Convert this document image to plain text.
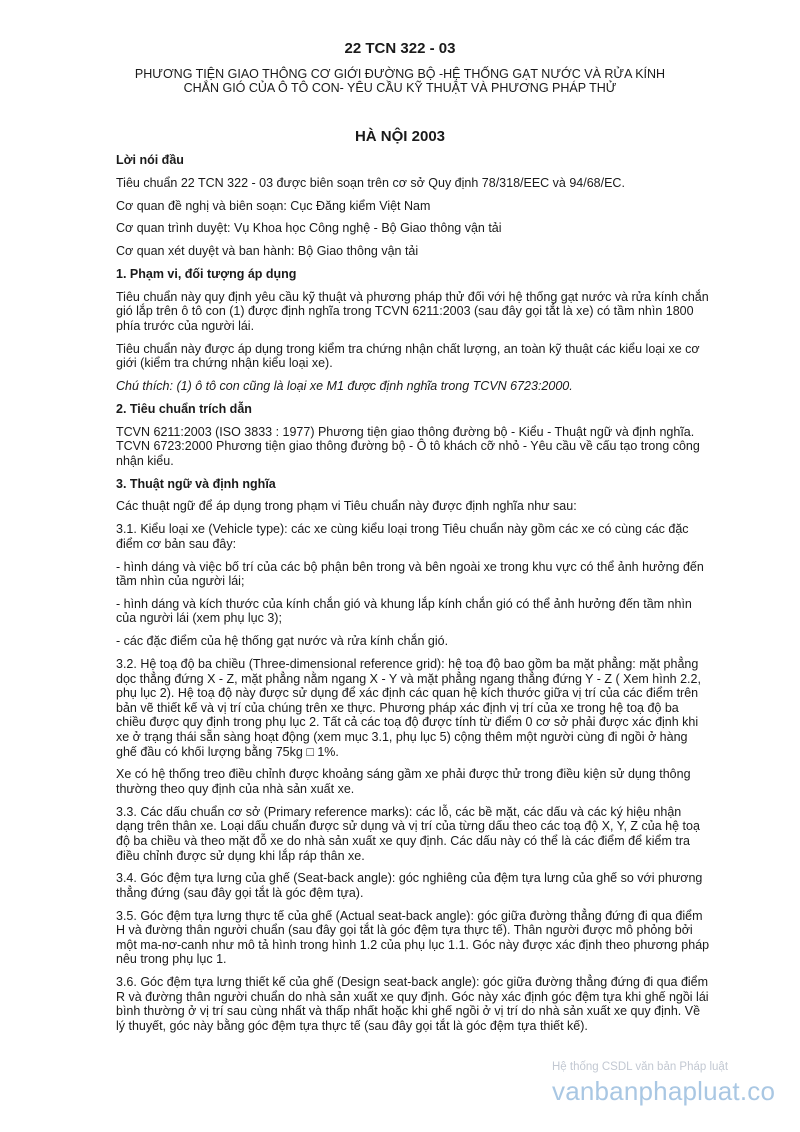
22 TCN 322 - 03
PHƯƠNG TIỆN GIAO THÔNG CƠ GIỚI ĐƯỜNG BỘ -HỆ THỐNG GẠT NƯỚC VÀ RỬA KÍNH
CHẮN GIÓ CỦA Ô TÔ CON- YÊU CẦU KỸ THUẬT VÀ PHƯƠNG PHÁP THỬ
HÀ NỘI 2003

Lời nói đầu

Tiêu chuẩn 22 TCN 322 - 03 được biên soạn trên cơ sở Quy định 78/318/EEC và 94/68/EC.

Cơ quan đề nghị và biên soạn: Cục Đăng kiểm Việt Nam

Cơ quan trình duyệt: Vụ Khoa học Công nghệ - Bộ Giao thông vận tải

Cơ quan xét duyệt và ban hành: Bộ Giao thông vận tải

1. Phạm vi, đối tượng áp dụng

Tiêu chuẩn này quy định yêu cầu kỹ thuật và phương pháp thử đối với hệ thống gạt nước và rửa kính chắn gió lắp trên ô tô con (1) được định nghĩa trong TCVN 6211:2003 (sau đây gọi tắt là xe) có tầm nhìn 1800 phía trước của người lái.

Tiêu chuẩn này được áp dụng trong kiểm tra chứng nhận chất lượng, an toàn kỹ thuật các kiểu loại xe cơ giới (kiểm tra chứng nhận kiểu loại xe).

Chú thích: (1) ô tô con cũng là loại xe M1 được định nghĩa trong TCVN 6723:2000.

2. Tiêu chuẩn trích dẫn

TCVN 6211:2003 (ISO 3833 : 1977) Phương tiện giao thông đường bộ - Kiểu - Thuật ngữ và định nghĩa. TCVN 6723:2000 Phương tiện giao thông đường bộ - Ô tô khách cỡ nhỏ - Yêu cầu về cấu tạo trong công nhận kiểu.

3. Thuật ngữ và định nghĩa

Các thuật ngữ để áp dụng trong phạm vi Tiêu chuẩn này được định nghĩa như sau:

3.1. Kiểu loại xe (Vehicle type): các xe cùng kiểu loại trong Tiêu chuẩn này gồm các xe có cùng các đặc điểm cơ bản sau đây:

- hình dáng và việc bố trí của các bộ phận bên trong và bên ngoài xe trong khu vực có thể ảnh hưởng đến tầm nhìn của người lái;

- hình dáng và kích thước của kính chắn gió và khung lắp kính chắn gió có thể ảnh hưởng đến tầm nhìn của người lái (xem phụ lục 3);

- các đặc điểm của hệ thống gạt nước và rửa kính chắn gió.

3.2. Hệ toạ độ ba chiều (Three-dimensional reference grid): hệ toạ độ bao gồm ba mặt phẳng: mặt phẳng dọc thẳng đứng X - Z, mặt phẳng nằm ngang X - Y và mặt phẳng ngang thẳng đứng Y - Z ( Xem hình 2.2, phụ lục 2). Hệ toạ độ này được sử dụng để xác định các quan hệ kích thước giữa vị trí của các điểm trên bản vẽ thiết kế và vị trí của chúng trên xe thực. Phương pháp xác định vị trí của xe trong hệ toạ độ ba chiều được quy định trong phụ lục 2. Tất cả các toạ độ được tính từ điểm 0 cơ sở phải được xác định khi xe ở trạng thái sẵn sàng hoạt động (xem mục 3.1, phụ lục 5) cộng thêm một người cùng đi ngồi ở hàng ghế đầu có khối lượng bằng 75kg □ 1%.

Xe có hệ thống treo điều chỉnh được khoảng sáng gầm xe phải được thử trong điều kiện sử dụng thông thường theo quy định của nhà sản xuất xe.

3.3. Các dấu chuẩn cơ sở (Primary reference marks): các lỗ, các bề mặt, các dấu và các ký hiệu nhận dạng trên thân xe. Loại dấu chuẩn được sử dụng và vị trí của từng dấu theo các toạ độ X, Y, Z của hệ toạ độ ba chiều và theo mặt đỗ xe do nhà sản xuất xe quy định. Các dấu này có thể là các điểm để kiểm tra điều chỉnh được sử dụng khi lắp ráp thân xe.

3.4. Góc đệm tựa lưng của ghế (Seat-back angle): góc nghiêng của đệm tựa lưng của ghế so với phương thẳng đứng (sau đây gọi tắt là góc đệm tựa).

3.5. Góc đệm tựa lưng thực tế của ghế (Actual seat-back angle): góc giữa đường thẳng đứng đi qua điểm H và đường thân người chuẩn (sau đây gọi tắt là góc đệm tựa thực tế). Thân người được mô phỏng bởi một ma-nơ-canh như mô tả hình trong hình 1.2 của phụ lục 1.1. Góc này được xác định theo phương pháp nêu trong phụ lục 1.

3.6. Góc đệm tựa lưng thiết kế của ghế (Design seat-back angle): góc giữa đường thẳng đứng đi qua điểm R và đường thân người chuẩn do nhà sản xuất xe quy định. Góc này xác định góc đệm tựa khi ghế ngồi lái bình thường ở vị trí sau cùng nhất và thấp nhất hoặc khi ghế ngồi ở vị trí do nhà sản xuất xe quy định. Về lý thuyết, góc này bằng góc đệm tựa thực tế (sau đây gọi tắt là góc đệm tựa thiết kế).

Hệ thống CSDL văn bản Pháp luật
vanbanphapluat.co
